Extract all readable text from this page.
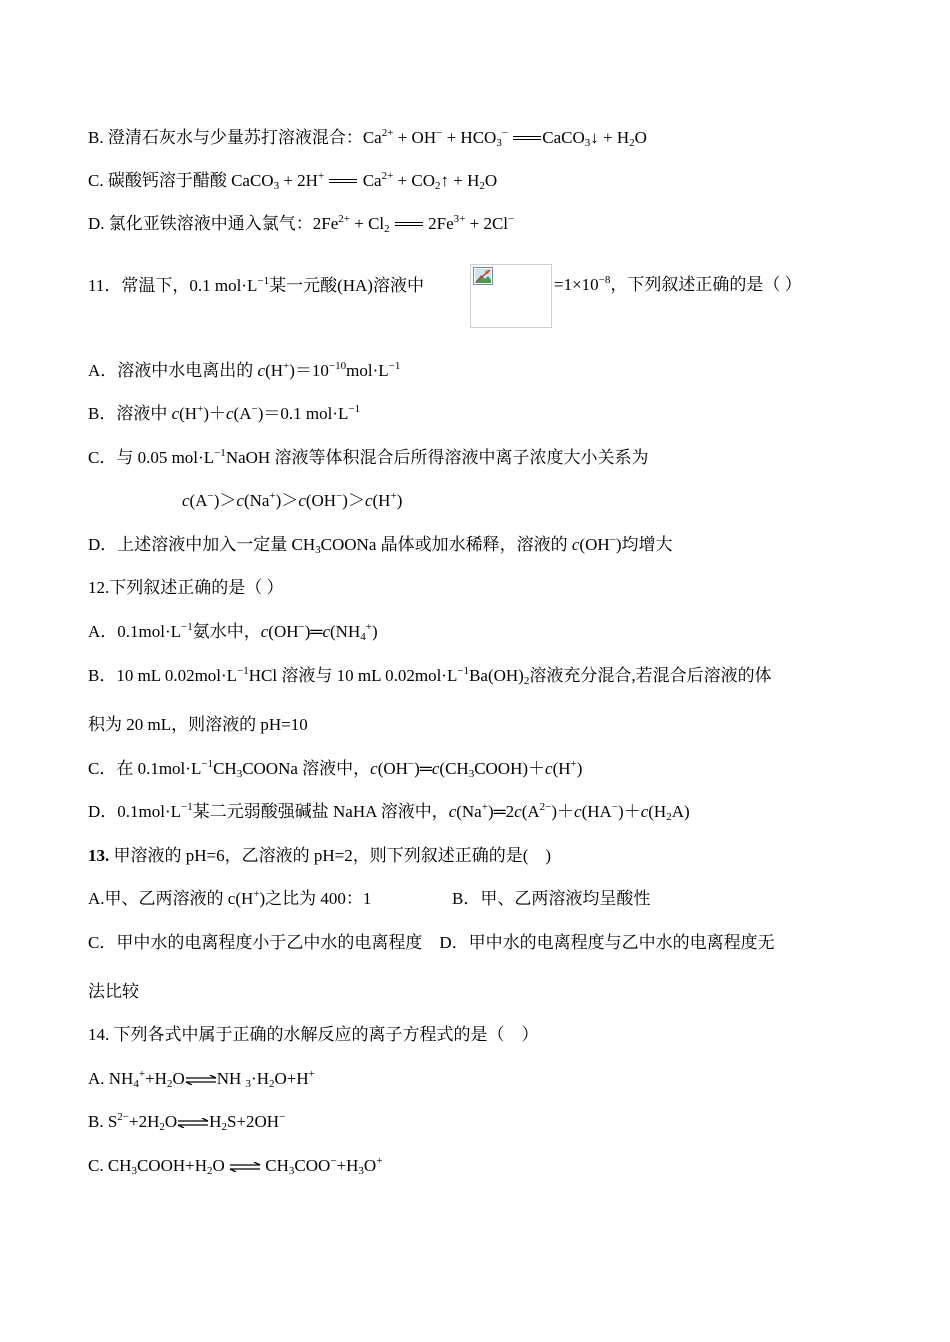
B. 澄清石灰水与少量苏打溶液混合：$Ca^{2+} + OH^- + HCO_3^-$ CaCO$_3$↓ + $H_2O$
C. 碳酸钙溶于醋酸 CaCO$_3$ + 2H+ $Ca^{2+}$ + $CO_2↑ + H_2O$
D. 氯化亚铁溶液中通入氯气：$2Fe^{2+} + Cl_2$ $2Fe^{3+} + 2Cl^-$
11．常温下，0.1 $mol\cdot L^{-1}$某一元酸(HA)溶液中	$=1\times 10^{-8}$，下列叙述正确的是（ ）
A．溶液中水电离出的 $c(H^+)=10^{-10}mol\cdot L^{-1}$
B．溶液中 c(H+)＋c(A−)＝0.1 $mol\cdot L^{-1}$
C．与 0.05 $mol\cdot L^{-1}NaOH$ 溶液等体积混合后所得溶液中离子浓度大小关系为
c(A−)＞c(Na+)＞c(OH−)＞c(H+)
D．上述溶液中加入一定量 $CH_3COONa$ 晶体或加水稀释，溶液的 c(OH−)均增大
12.下列叙述正确的是（ ）
A．$0.1mol\cdot L^{-1}$氨水中，$c(OH^-)═c(NH_4^+)$
B．10 mL $0.02mol\cdot L^{-1}HCl$ 溶液与 10 mL $0.02mol\cdot L^{-1}Ba(OH)_2$溶液充分混合,若混合后溶液的体
积为 20 mL，则溶液的 pH=10
C．在 $0.1mol\cdot L^{-1}CH_3COONa$ 溶液中，$c(OH^-)═c(CH_3COOH)+c(H^+)$
D．$0.1mol\cdot L^{-1}$某二元弱酸强碱盐 NaHA 溶液中，$c(Na^+)═2c(A^{2-})+c(HA^-)+c(H_2A)$
13. 甲溶液的 pH=6，乙溶液的 pH=2，则下列叙述正确的是(　)
A.甲、乙两溶液的 c(H+)之比为 400：1	B．甲、乙两溶液均呈酸性
C．甲中水的电离程度小于乙中水的电离程度　D．甲中水的电离程度与乙中水的电离程度无
法比较
14. 下列各式中属于正确的水解反应的离子方程式的是（　）
A. $NH_4^++H_2O\rightleftharpoons NH$ $_3\cdot H_2O+H^+$
B. $S^{2-}+2H_2O\rightleftharpoons H_2S+2OH^-$
C. $CH_3COOH+H_2O$ ⇌ $CH_3COO^-+H_3O^+$
